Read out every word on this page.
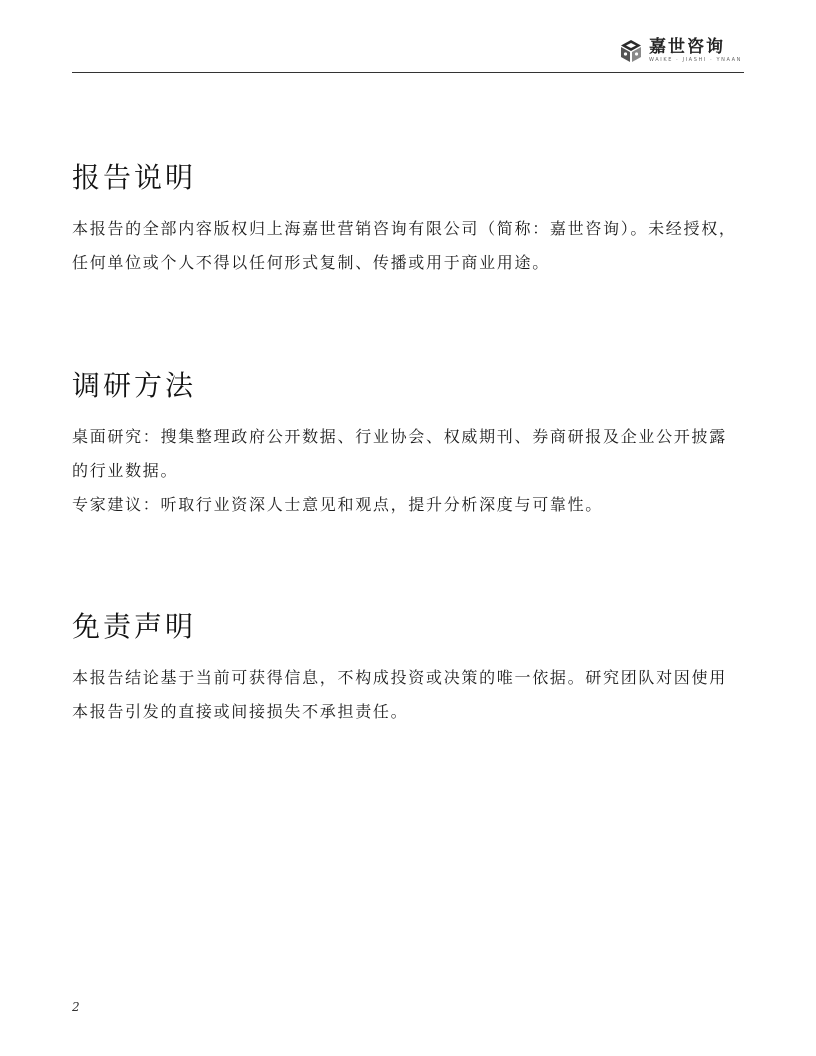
嘉世咨询
WAIKE · JIASHI · YNAAN
报告说明

本报告的全部内容版权归上海嘉世营销咨询有限公司（简称：嘉世咨询）。未经授权，任何单位或个人不得以任何形式复制、传播或用于商业用途。

调研方法

桌面研究：搜集整理政府公开数据、行业协会、权威期刊、券商研报及企业公开披露的行业数据。

专家建议：听取行业资深人士意见和观点，提升分析深度与可靠性。

免责声明

本报告结论基于当前可获得信息，不构成投资或决策的唯一依据。研究团队对因使用本报告引发的直接或间接损失不承担责任。

2
